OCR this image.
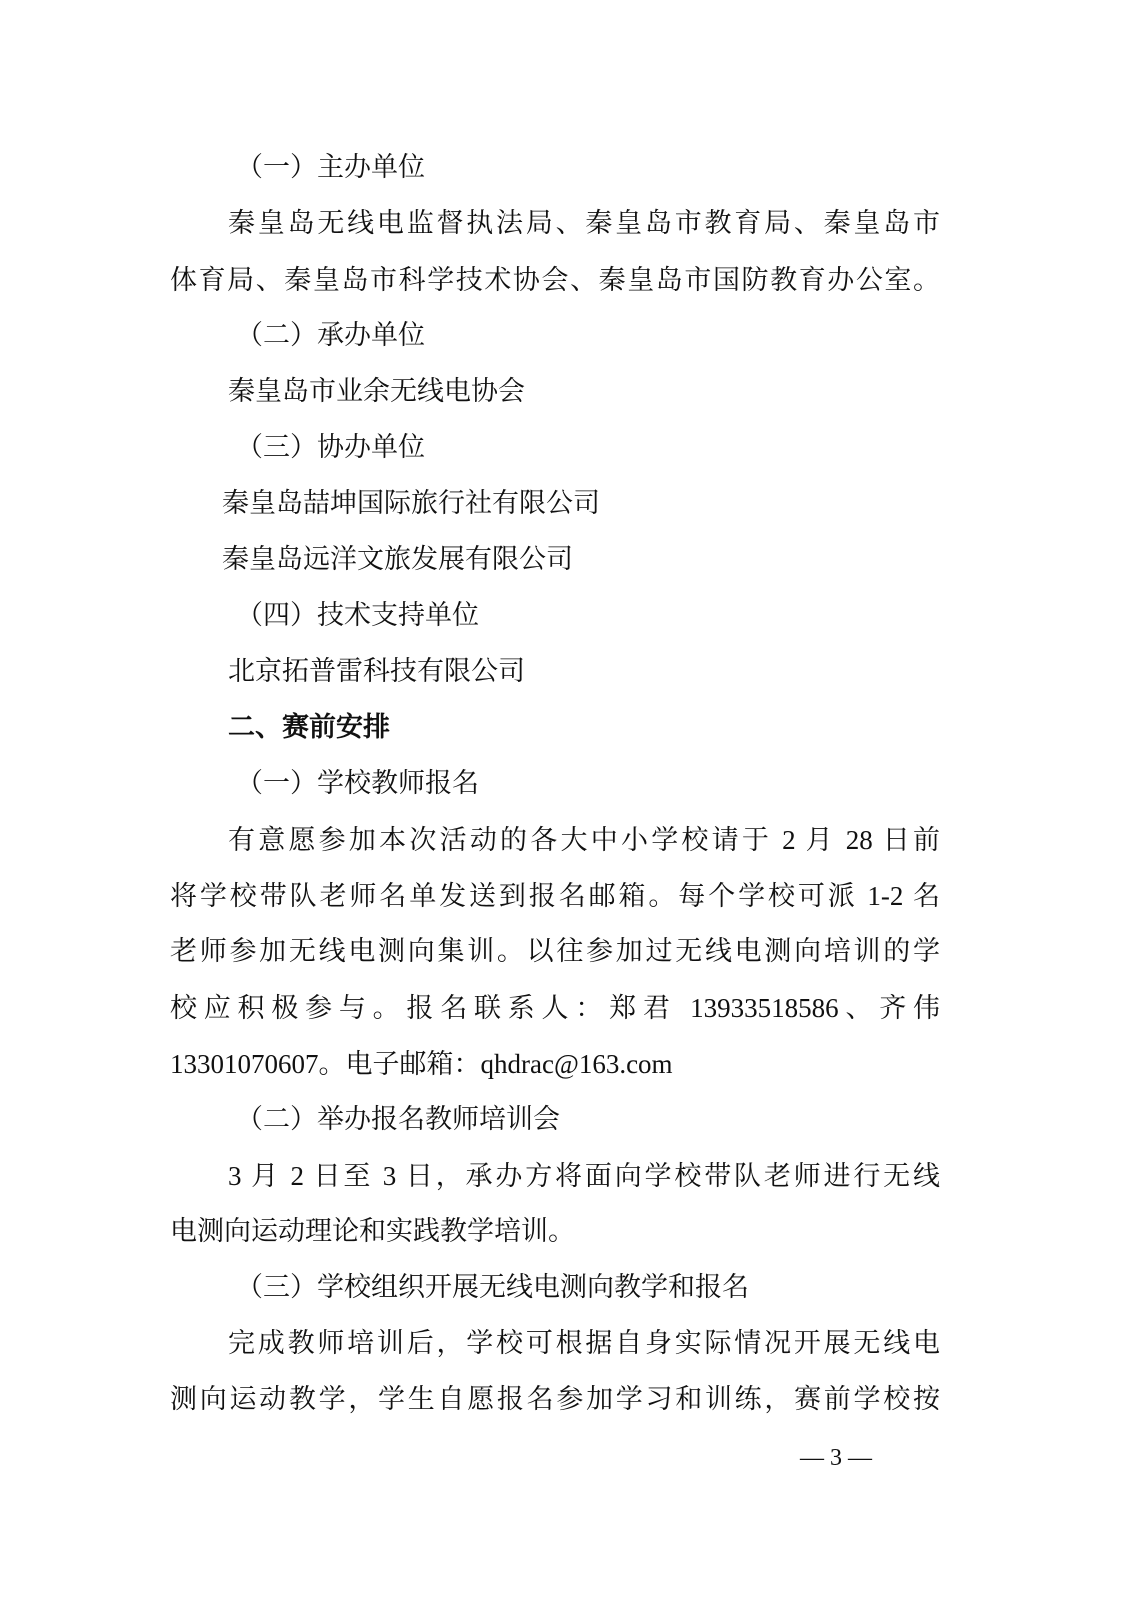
（一）主办单位
秦皇岛无线电监督执法局、秦皇岛市教育局、秦皇岛市
体育局、秦皇岛市科学技术协会、秦皇岛市国防教育办公室。
（二）承办单位
秦皇岛市业余无线电协会
（三）协办单位
秦皇岛喆坤国际旅行社有限公司
秦皇岛远洋文旅发展有限公司
（四）技术支持单位
北京拓普雷科技有限公司
二、赛前安排
（一）学校教师报名
有意愿参加本次活动的各大中小学校请于 2 月 28 日前
将学校带队老师名单发送到报名邮箱。每个学校可派 1-2 名
老师参加无线电测向集训。以往参加过无线电测向培训的学
校应积极参与。报名联系人：郑君 13933518586、齐伟
13301070607。电子邮箱：qhdrac@163.com
（二）举办报名教师培训会
3 月 2 日至 3 日，承办方将面向学校带队老师进行无线
电测向运动理论和实践教学培训。
（三）学校组织开展无线电测向教学和报名
完成教师培训后，学校可根据自身实际情况开展无线电
测向运动教学，学生自愿报名参加学习和训练，赛前学校按
— 3 —
